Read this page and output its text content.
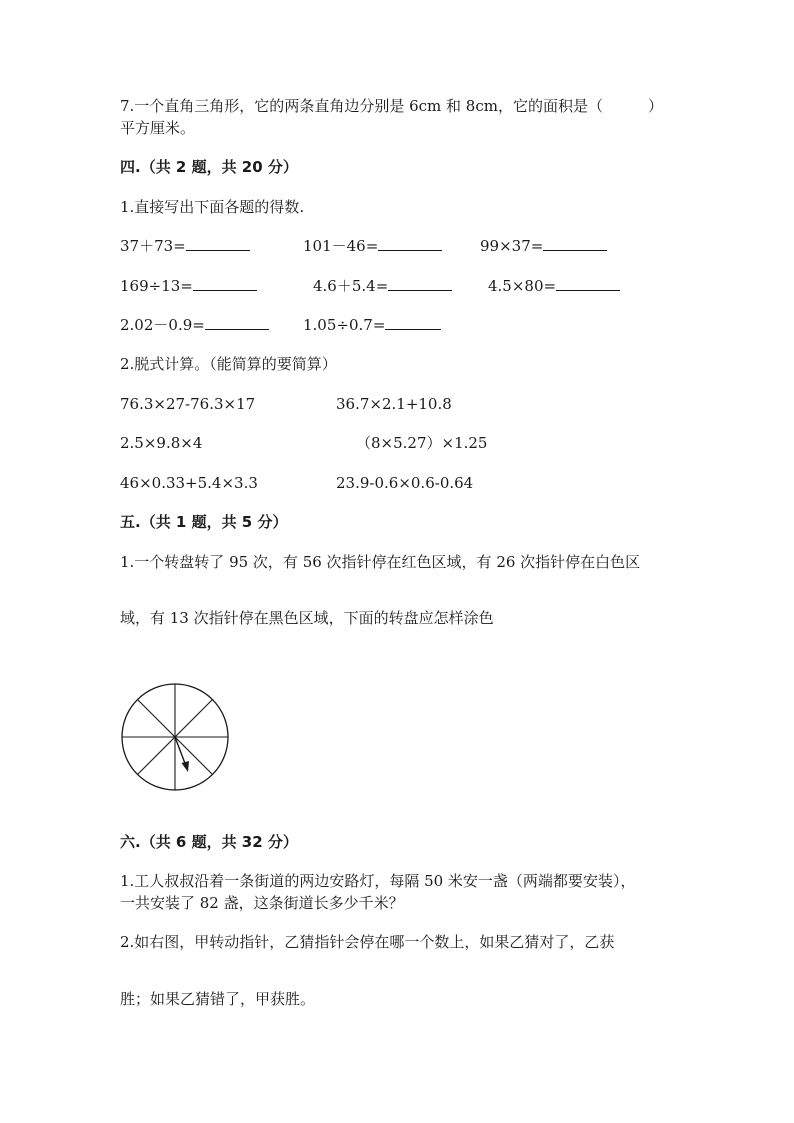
7.一个直角三角形，它的两条直角边分别是 6cm 和 8cm，它的面积是（　　　）
平方厘米。
四.（共 2 题，共 20 分）
1.直接写出下面各题的得数.
37＋73=	101－46=	99×37=
169÷13=	4.6＋5.4=	4.5×80=
2.02－0.9=	1.05÷0.7=
2.脱式计算。（能简算的要简算）
76.3×27-76.3×17	36.7×2.1+10.8
2.5×9.8×4	（8×5.27）×1.25
46×0.33+5.4×3.3	23.9-0.6×0.6-0.64
五.（共 1 题，共 5 分）
1.一个转盘转了 95 次，有 56 次指针停在红色区域，有 26 次指针停在白色区
域，有 13 次指针停在黑色区域，下面的转盘应怎样涂色
六.（共 6 题，共 32 分）
1.工人叔叔沿着一条街道的两边安路灯，每隔 50 米安一盏（两端都要安装），
一共安装了 82 盏，这条街道长多少千米？
2.如右图，甲转动指针，乙猜指针会停在哪一个数上，如果乙猜对了，乙获
胜；如果乙猜错了，甲获胜。
